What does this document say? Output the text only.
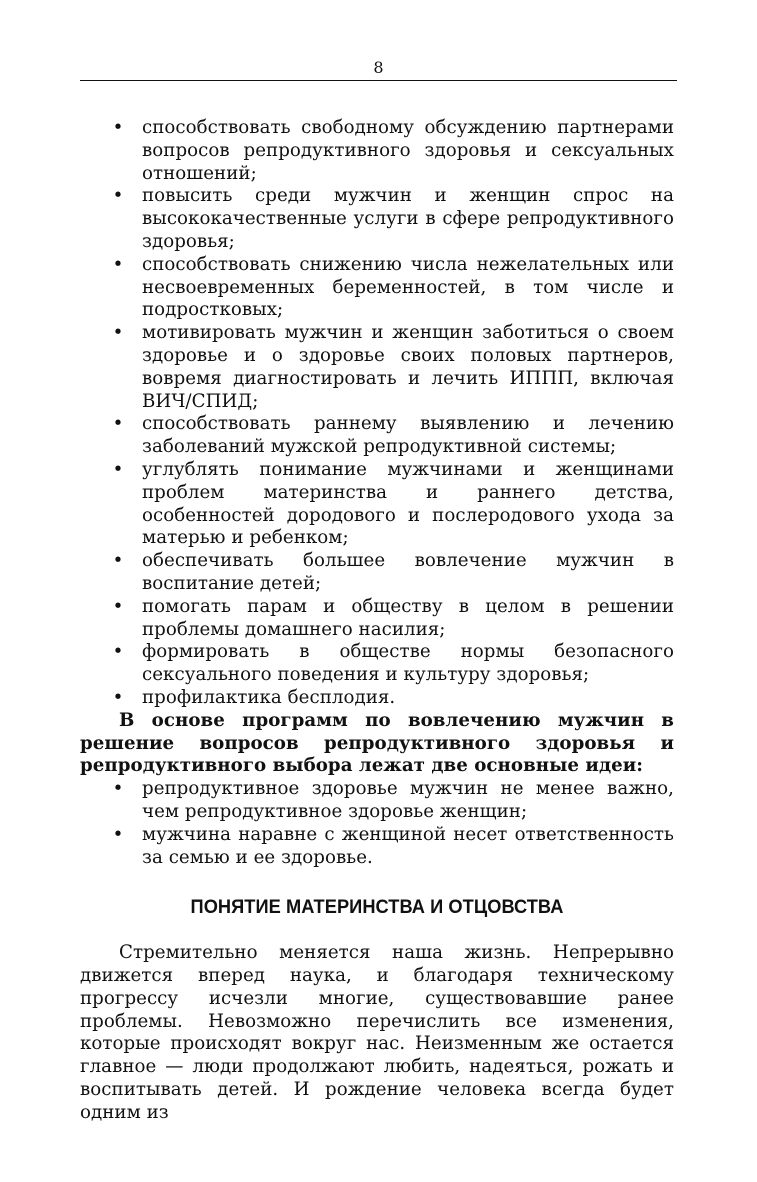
8
• способствовать свободному обсуждению партнерами вопросов репродуктивного здоровья и сексуальных отношений;
• повысить среди мужчин и женщин спрос на высококачественные услуги в сфере репродуктивного здоровья;
• способствовать снижению числа нежелательных или несвоевременных беременностей, в том числе и подростковых;
• мотивировать мужчин и женщин заботиться о своем здоровье и о здоровье своих половых партнеров, вовремя диагностировать и лечить ИППП, включая ВИЧ/СПИД;
• способствовать раннему выявлению и лечению заболеваний мужской репродуктивной системы;
• углублять понимание мужчинами и женщинами проблем материнства и раннего детства, особенностей дородового и послеродового ухода за матерью и ребенком;
• обеспечивать большее вовлечение мужчин в воспитание детей;
• помогать парам и обществу в целом в решении проблемы домашнего насилия;
• формировать в обществе нормы безопасного сексуального поведения и культуру здоровья;
• профилактика бесплодия.

В основе программ по вовлечению мужчин в решение вопросов репродуктивного здоровья и репродуктивного выбора лежат две основные идеи:

• репродуктивное здоровье мужчин не менее важно, чем репродуктивное здоровье женщин;
• мужчина наравне с женщиной несет ответственность за семью и ее здоровье.
ПОНЯТИЕ МАТЕРИНСТВА И ОТЦОВСТВА

Стремительно меняется наша жизнь. Непрерывно движется вперед наука, и благодаря техническому прогрессу исчезли многие, существовавшие ранее проблемы. Невозможно перечислить все изменения, которые происходят вокруг нас. Неизменным же остается главное — люди продолжают любить, надеяться, рожать и воспитывать детей. И рождение человека всегда будет одним из
